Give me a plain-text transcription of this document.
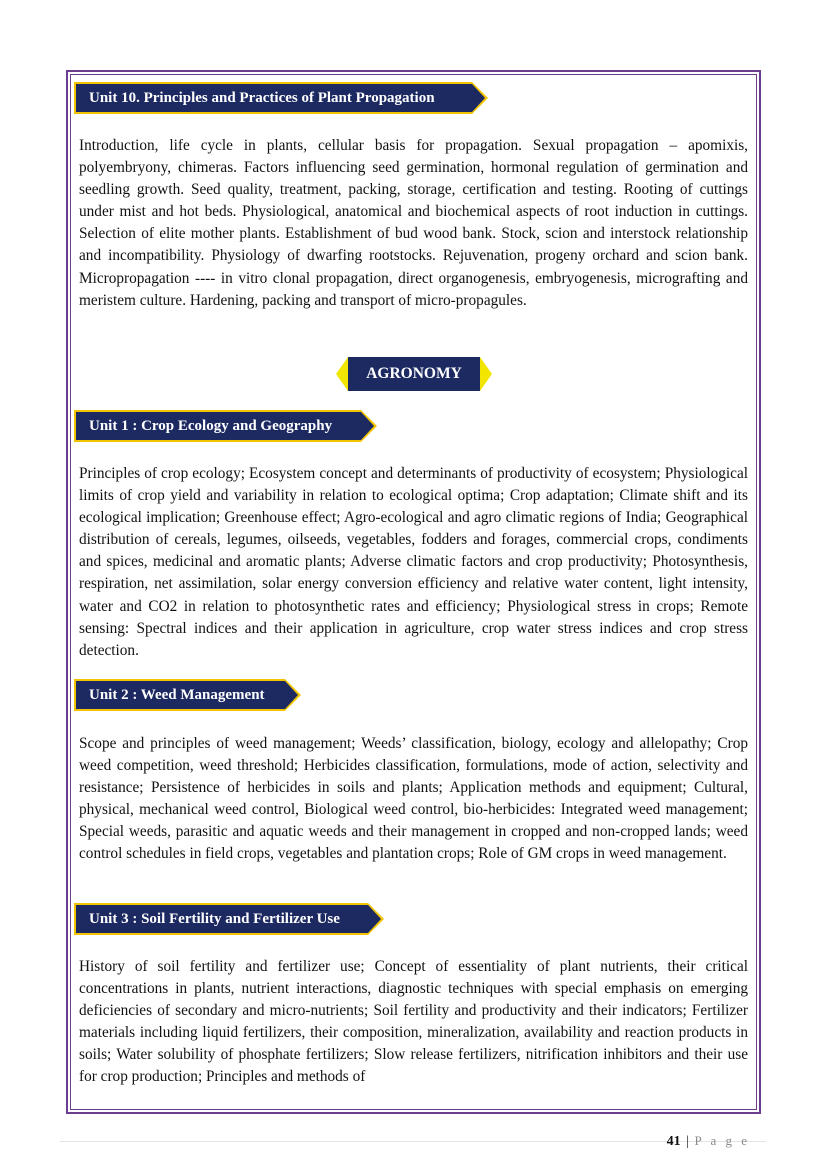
Unit 10. Principles and Practices of Plant Propagation

Introduction, life cycle in plants, cellular basis for propagation. Sexual propagation – apomixis, polyembryony, chimeras. Factors influencing seed germination, hormonal regulation of germination and seedling growth. Seed quality, treatment, packing, storage, certification and testing. Rooting of cuttings under mist and hot beds. Physiological, anatomical and biochemical aspects of root induction in cuttings. Selection of elite mother plants. Establishment of bud wood bank. Stock, scion and interstock relationship and incompatibility. Physiology of dwarfing rootstocks. Rejuvenation, progeny orchard and scion bank. Micropropagation ---- in vitro clonal propagation, direct organogenesis, embryogenesis, micrografting and meristem culture. Hardening, packing and transport of micro-propagules.

AGRONOMY
Unit 1 : Crop Ecology and Geography

Principles of crop ecology; Ecosystem concept and determinants of productivity of ecosystem; Physiological limits of crop yield and variability in relation to ecological optima; Crop adaptation; Climate shift and its ecological implication; Greenhouse effect; Agro-ecological and agro climatic regions of India; Geographical distribution of cereals, legumes, oilseeds, vegetables, fodders and forages, commercial crops, condiments and spices, medicinal and aromatic plants; Adverse climatic factors and crop productivity; Photosynthesis, respiration, net assimilation, solar energy conversion efficiency and relative water content, light intensity, water and CO2 in relation to photosynthetic rates and efficiency; Physiological stress in crops; Remote sensing: Spectral indices and their application in agriculture, crop water stress indices and crop stress detection.

Unit 2 : Weed Management

Scope and principles of weed management; Weeds’ classification, biology, ecology and allelopathy; Crop weed competition, weed threshold; Herbicides classification, formulations, mode of action, selectivity and resistance; Persistence of herbicides in soils and plants; Application methods and equipment; Cultural, physical, mechanical weed control, Biological weed control, bio-herbicides: Integrated weed management; Special weeds, parasitic and aquatic weeds and their management in cropped and non-cropped lands; weed control schedules in field crops, vegetables and plantation crops; Role of GM crops in weed management.

Unit 3 : Soil Fertility and Fertilizer Use

History of soil fertility and fertilizer use; Concept of essentiality of plant nutrients, their critical concentrations in plants, nutrient interactions, diagnostic techniques with special emphasis on emerging deficiencies of secondary and micro-nutrients; Soil fertility and productivity and their indicators; Fertilizer materials including liquid fertilizers, their composition, mineralization, availability and reaction products in soils; Water solubility of phosphate fertilizers; Slow release fertilizers, nitrification inhibitors and their use for crop production; Principles and methods of

41 | P a g e
